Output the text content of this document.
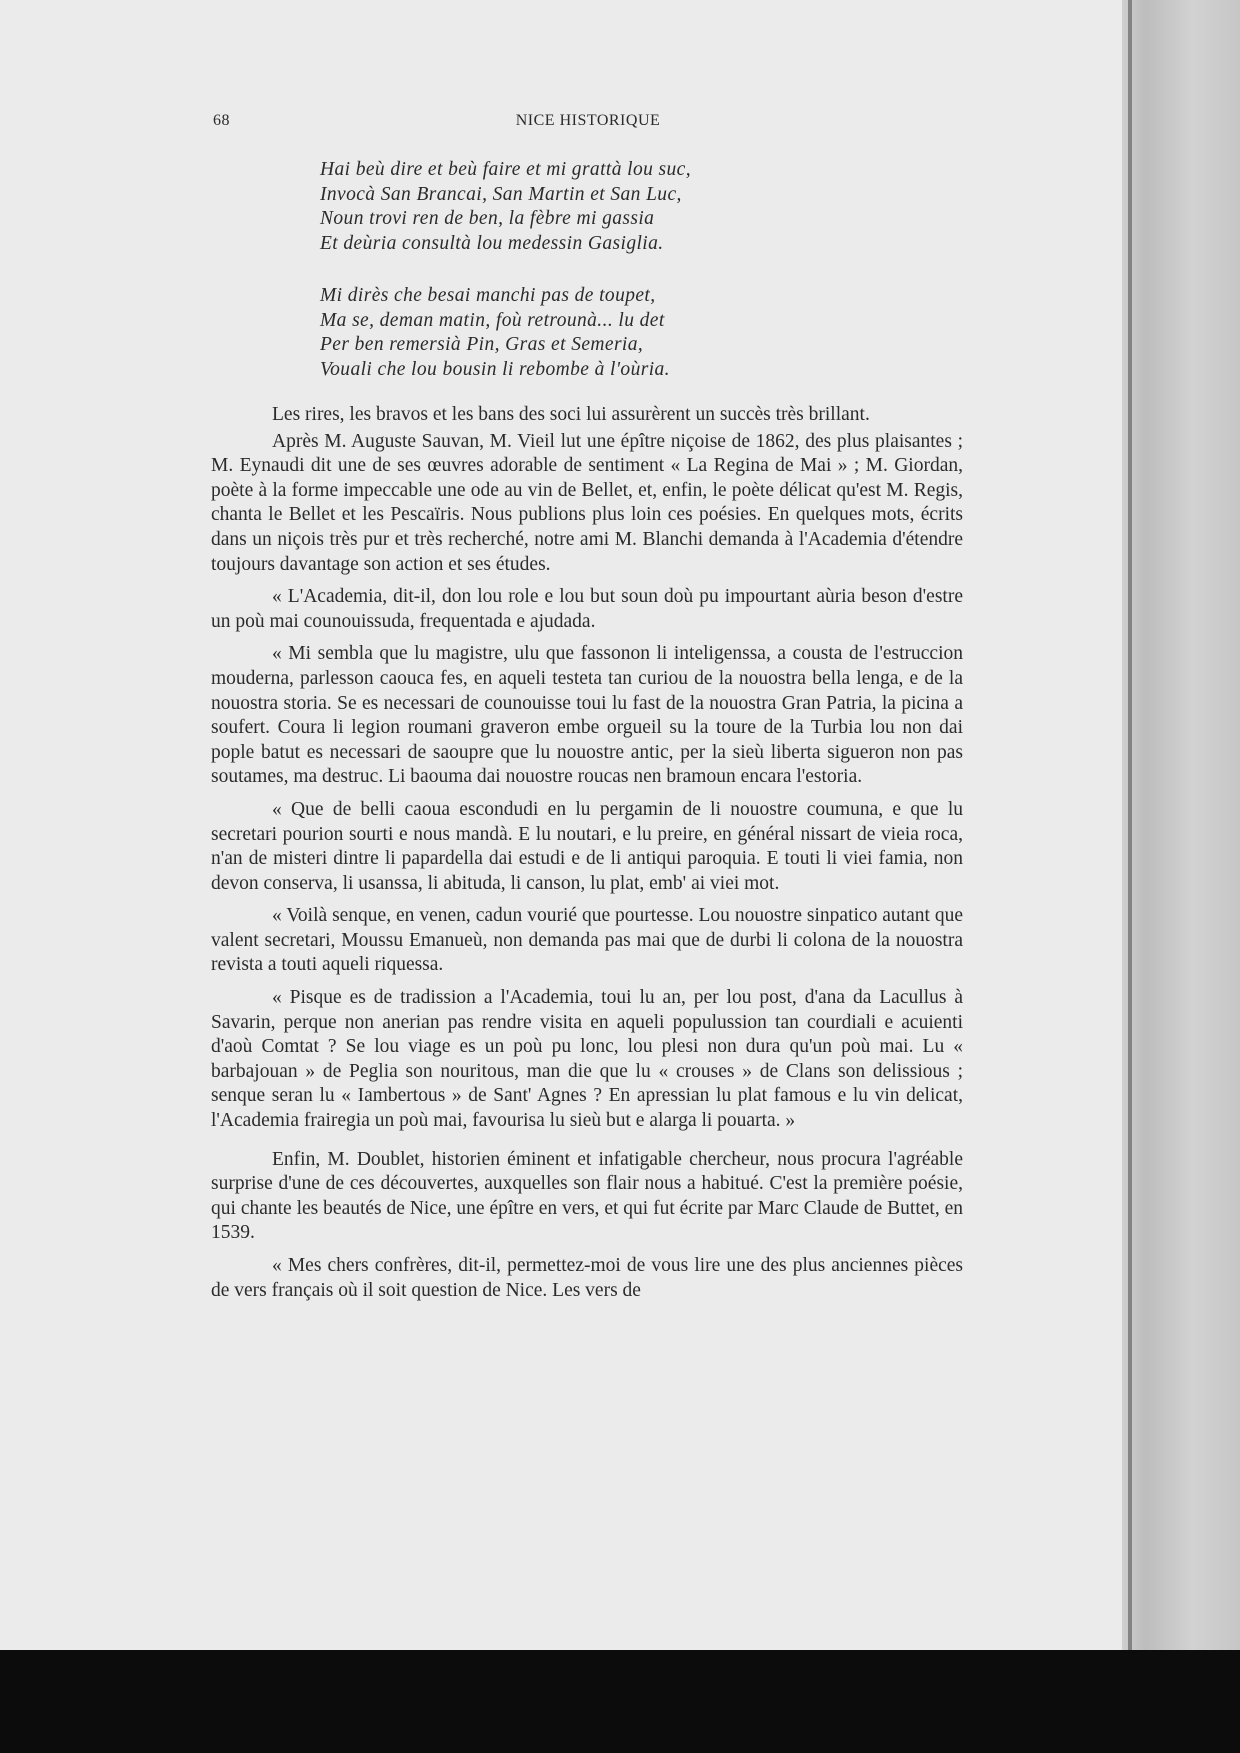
68	NICE HISTORIQUE
Hai beù dire et beù faire et mi grattà lou suc,
Invocà San Brancai, San Martin et San Luc,
Noun trovi ren de ben, la fèbre mi gassia
Et deùria consultà lou medessin Gasiglia.
Mi dirès che besai manchi pas de toupet,
Ma se, deman matin, foù retrounà... lu det
Per ben remersià Pin, Gras et Semeria,
Vouali che lou bousin li rebombe à l'oùria.

Les rires, les bravos et les bans des soci lui assurèrent un succès très brillant.

Après M. Auguste Sauvan, M. Vieil lut une épître niçoise de 1862, des plus plaisantes ; M. Eynaudi dit une de ses œuvres adorable de sentiment « La Regina de Mai » ; M. Giordan, poète à la forme impeccable une ode au vin de Bellet, et, enfin, le poète délicat qu'est M. Regis, chanta le Bellet et les Pescaïris. Nous publions plus loin ces poésies. En quelques mots, écrits dans un niçois très pur et très recherché, notre ami M. Blanchi demanda à l'Academia d'étendre toujours davantage son action et ses études.

« L'Academia, dit-il, don lou role e lou but soun doù pu impourtant aùria beson d'estre un poù mai counouissuda, frequentada e ajudada.

« Mi sembla que lu magistre, ulu que fassonon li inteligenssa, a cousta de l'estruccion mouderna, parlesson caouca fes, en aqueli testeta tan curiou de la nouostra bella lenga, e de la nouostra storia. Se es necessari de counouisse toui lu fast de la nouostra Gran Patria, la picina a soufert. Coura li legion roumani graveron embe orgueil su la toure de la Turbia lou non dai pople batut es necessari de saoupre que lu nouostre antic, per la sieù liberta sigueron non pas soutames, ma destruc. Li baouma dai nouostre roucas nen bramoun encara l'estoria.

« Que de belli caoua escondudi en lu pergamin de li nouostre coumuna, e que lu secretari pourion sourti e nous mandà. E lu noutari, e lu preire, en général nissart de vieia roca, n'an de misteri dintre li papardella dai estudi e de li antiqui paroquia. E touti li viei famia, non devon conserva, li usanssa, li abituda, li canson, lu plat, emb' ai viei mot.

« Voilà senque, en venen, cadun vourié que pourtesse. Lou nouostre sinpatico autant que valent secretari, Moussu Emanueù, non demanda pas mai que de durbi li colona de la nouostra revista a touti aqueli riquessa.

« Pisque es de tradission a l'Academia, toui lu an, per lou post, d'ana da Lacullus à Savarin, perque non anerian pas rendre visita en aqueli populussion tan courdiali e acuienti d'aoù Comtat ? Se lou viage es un poù pu lonc, lou plesi non dura qu'un poù mai. Lu « barbajouan » de Peglia son nouritous, man die que lu « crouses » de Clans son delissious ; senque seran lu « Iambertous » de Sant' Agnes ? En apressian lu plat famous e lu vin delicat, l'Academia frairegia un poù mai, favourisa lu sieù but e alarga li pouarta. »

Enfin, M. Doublet, historien éminent et infatigable chercheur, nous procura l'agréable surprise d'une de ces découvertes, auxquelles son flair nous a habitué. C'est la première poésie, qui chante les beautés de Nice, une épître en vers, et qui fut écrite par Marc Claude de Buttet, en 1539.

« Mes chers confrères, dit-il, permettez-moi de vous lire une des plus anciennes pièces de vers français où il soit question de Nice. Les vers de
